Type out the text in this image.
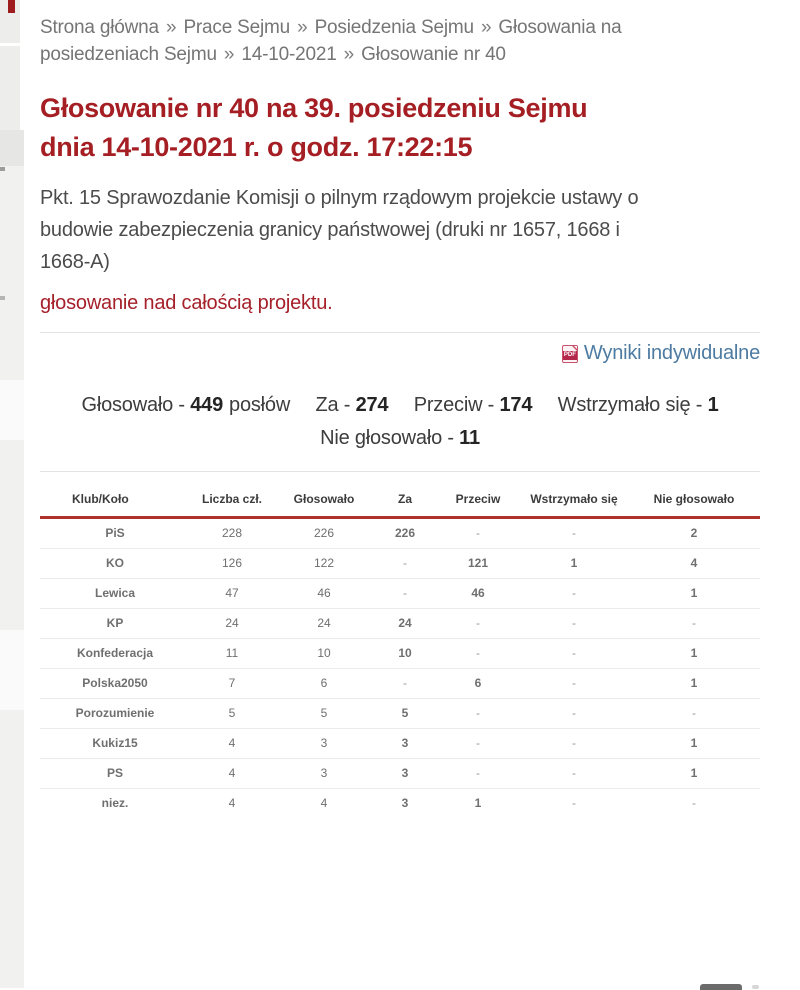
Strona główna » Prace Sejmu » Posiedzenia Sejmu » Głosowania na posiedzeniach Sejmu » 14-10-2021 » Głosowanie nr 40
Głosowanie nr 40 na 39. posiedzeniu Sejmu
dnia 14-10-2021 r. o godz. 17:22:15

Pkt. 15 Sprawozdanie Komisji o pilnym rządowym projekcie ustawy o budowie zabezpieczenia granicy państwowej (druki nr 1657, 1668 i 1668-A)

głosowanie nad całością projektu.

PDF Wyniki indywidualne
Głosowało - 449 posłów Za - 274 Przeciw - 174 Wstrzymało się - 1
Nie głosowało - 11
Klub/Koło	Liczba czł.	Głosowało	Za	Przeciw	Wstrzymało się	Nie głosowało
PiS	228	226	226	-	-	2
KO	126	122	-	121	1	4
Lewica	47	46	-	46	-	1
KP	24	24	24	-	-	-
Konfederacja	11	10	10	-	-	1
Polska2050	7	6	-	6	-	1
Porozumienie	5	5	5	-	-	-
Kukiz15	4	3	3	-	-	1
PS	4	3	3	-	-	1
niez.	4	4	3	1	-	-
